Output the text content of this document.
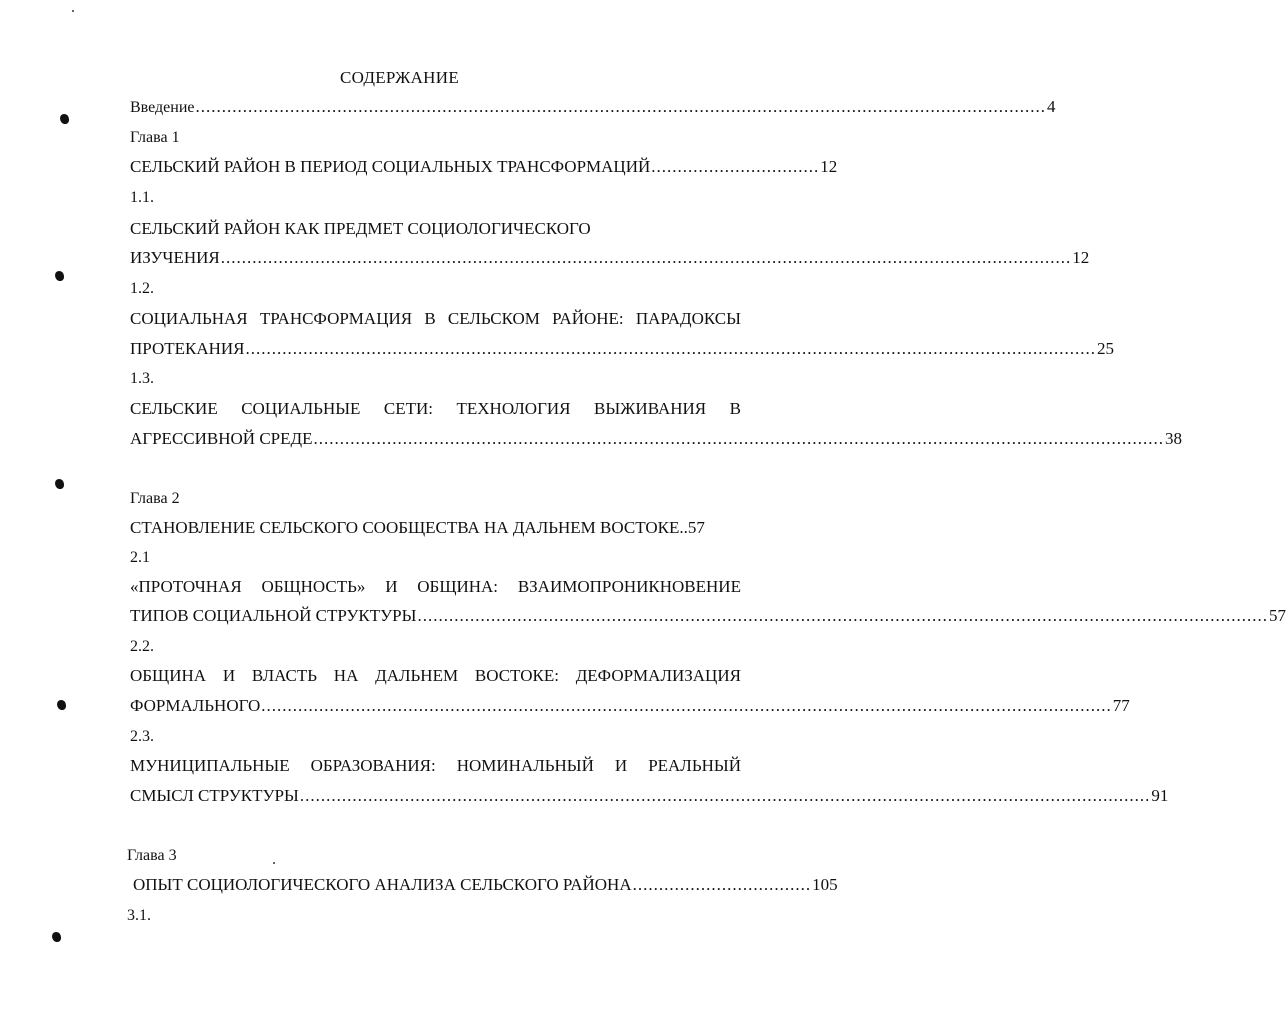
СОДЕРЖАНИЕ
Введение .................................................................................................................................................................. 4
Глава 1
СЕЛЬСКИЙ РАЙОН В ПЕРИОД СОЦИАЛЬНЫХ ТРАНСФОРМАЦИЙ ................................ 12
1.1.
СЕЛЬСКИЙ РАЙОН КАК ПРЕДМЕТ СОЦИОЛОГИЧЕСКОГО
ИЗУЧЕНИЯ .................................................................................................................................................................. 12
1.2.
СОЦИАЛЬНАЯ ТРАНСФОРМАЦИЯ В СЕЛЬСКОМ РАЙОНЕ: ПАРАДОКСЫ
ПРОТЕКАНИЯ .................................................................................................................................................................. 25
1.3.
СЕЛЬСКИЕ СОЦИАЛЬНЫЕ СЕТИ: ТЕХНОЛОГИЯ ВЫЖИВАНИЯ В
АГРЕССИВНОЙ СРЕДЕ .................................................................................................................................................................. 38
Глава 2
СТАНОВЛЕНИЕ СЕЛЬСКОГО СООБЩЕСТВА НА ДАЛЬНЕМ ВОСТОКЕ..57
2.1
«ПРОТОЧНАЯ ОБЩНОСТЬ» И ОБЩИНА: ВЗАИМОПРОНИКНОВЕНИЕ
ТИПОВ СОЦИАЛЬНОЙ СТРУКТУРЫ .................................................................................................................................................................. 57
2.2.
ОБЩИНА И ВЛАСТЬ НА ДАЛЬНЕМ ВОСТОКЕ: ДЕФОРМАЛИЗАЦИЯ
ФОРМАЛЬНОГО .................................................................................................................................................................. 77
2.3.
МУНИЦИПАЛЬНЫЕ ОБРАЗОВАНИЯ: НОМИНАЛЬНЫЙ И РЕАЛЬНЫЙ
СМЫСЛ СТРУКТУРЫ .................................................................................................................................................................. 91
Глава 3
ОПЫТ СОЦИОЛОГИЧЕСКОГО АНАЛИЗА СЕЛЬСКОГО РАЙОНА .................................. 105
3.1.
